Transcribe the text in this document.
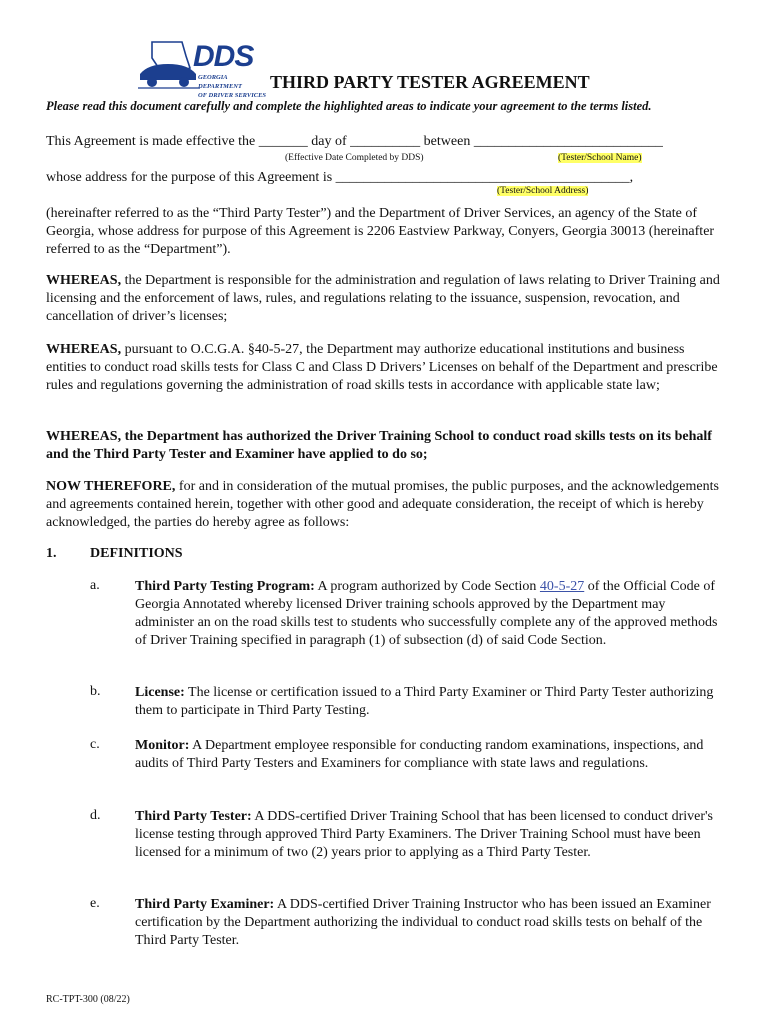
DDS
GEORGIA DEPARTMENT
OF DRIVER SERVICES
THIRD PARTY TESTER AGREEMENT
Please read this document carefully and complete the highlighted areas to indicate your agreement to the terms listed.
This Agreement is made effective the _______ day of __________ between ___________________________
(Effective Date Completed by DDS)	(Tester/School Name)
whose address for the purpose of this Agreement is __________________________________________,
(Tester/School Address)
(hereinafter referred to as the “Third Party Tester”) and the Department of Driver Services, an agency of the State of Georgia, whose address for purpose of this Agreement is 2206 Eastview Parkway, Conyers, Georgia 30013 (hereinafter referred to as the “Department”).
WHEREAS, the Department is responsible for the administration and regulation of laws relating to Driver Training and licensing and the enforcement of laws, rules, and regulations relating to the issuance, suspension, revocation, and cancellation of driver’s licenses;
WHEREAS, pursuant to O.C.G.A. §40-5-27, the Department may authorize educational institutions and business entities to conduct road skills tests for Class C and Class D Drivers’ Licenses on behalf of the Department and prescribe rules and regulations governing the administration of road skills tests in accordance with applicable state law;
WHEREAS, the Department has authorized the Driver Training School to conduct road skills tests on its behalf and the Third Party Tester and Examiner have applied to do so;
NOW THEREFORE, for and in consideration of the mutual promises, the public purposes, and the acknowledgements and agreements contained herein, together with other good and adequate consideration, the receipt of which is hereby acknowledged, the parties do hereby agree as follows:
1. DEFINITIONS
a.	Third Party Testing Program: A program authorized by Code Section 40-5-27 of the Official Code of Georgia Annotated whereby licensed Driver training schools approved by the Department may administer an on the road skills test to students who successfully complete any of the approved methods of Driver Training specified in paragraph (1) of subsection (d) of said Code Section.
b. License: The license or certification issued to a Third Party Examiner or Third Party Tester authorizing them to participate in Third Party Testing.
c.	Monitor: A Department employee responsible for conducting random examinations, inspections, and audits of Third Party Testers and Examiners for compliance with state laws and regulations.
d. Third Party Tester: A DDS-certified Driver Training School that has been licensed to conduct driver's license testing through approved Third Party Examiners. The Driver Training School must have been licensed for a minimum of two (2) years prior to applying as a Third Party Tester.
e.	Third Party Examiner: A DDS-certified Driver Training Instructor who has been issued an Examiner certification by the Department authorizing the individual to conduct road skills tests on behalf of the Third Party Tester.
RC-TPT-300 (08/22)
